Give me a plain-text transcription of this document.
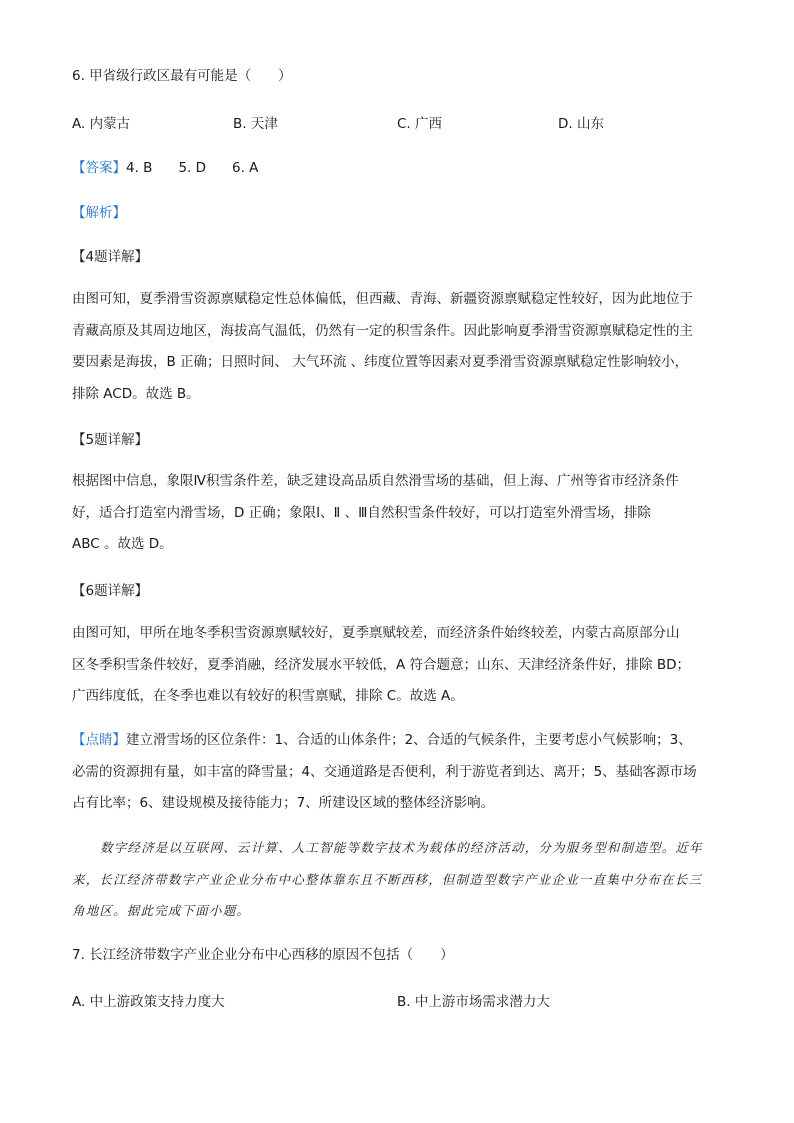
6. 甲省级行政区最有可能是（　　）
A. 内蒙古	B. 天津	C. 广西	D. 山东
【答案】4. B 5. D 6. A
【解析】
【4题详解】
由图可知，夏季滑雪资源禀赋稳定性总体偏低，但西藏、青海、新疆资源禀赋稳定性较好，因为此地位于
青藏高原及其周边地区，海拔高气温低，仍然有一定的积雪条件。因此影响夏季滑雪资源禀赋稳定性的主
要因素是海拔，B 正确；日照时间、 大气环流 、纬度位置等因素对夏季滑雪资源禀赋稳定性影响较小，
排除 ACD。故选 B。
【5题详解】
根据图中信息，象限Ⅳ积雪条件差，缺乏建设高品质自然滑雪场的基础，但上海、广州等省市经济条件
好，适合打造室内滑雪场，D 正确；象限Ⅰ、Ⅱ 、Ⅲ自然积雪条件较好，可以打造室外滑雪场，排除
ABC 。故选 D。
【6题详解】
由图可知，甲所在地冬季积雪资源禀赋较好，夏季禀赋较差，而经济条件始终较差，内蒙古高原部分山
区冬季积雪条件较好，夏季消融，经济发展水平较低，A 符合题意；山东、天津经济条件好，排除 BD；
广西纬度低，在冬季也难以有较好的积雪禀赋，排除 C。故选 A。
【点睛】建立滑雪场的区位条件：1、合适的山体条件；2、合适的气候条件，主要考虑小气候影响；3、
必需的资源拥有量，如丰富的降雪量；4、交通道路是否便利，利于游览者到达、离开；5、基础客源市场
占有比率；6、建设规模及接待能力；7、所建设区域的整体经济影响。
数字经济是以互联网、云计算、人工智能等数字技术为载体的经济活动，分为服务型和制造型。近年
来，长江经济带数字产业企业分布中心整体靠东且不断西移，但制造型数字产业企业一直集中分布在长三
角地区。据此完成下面小题。
7. 长江经济带数字产业企业分布中心西移的原因不包括（　　）
A. 中上游政策支持力度大	B. 中上游市场需求潜力大
